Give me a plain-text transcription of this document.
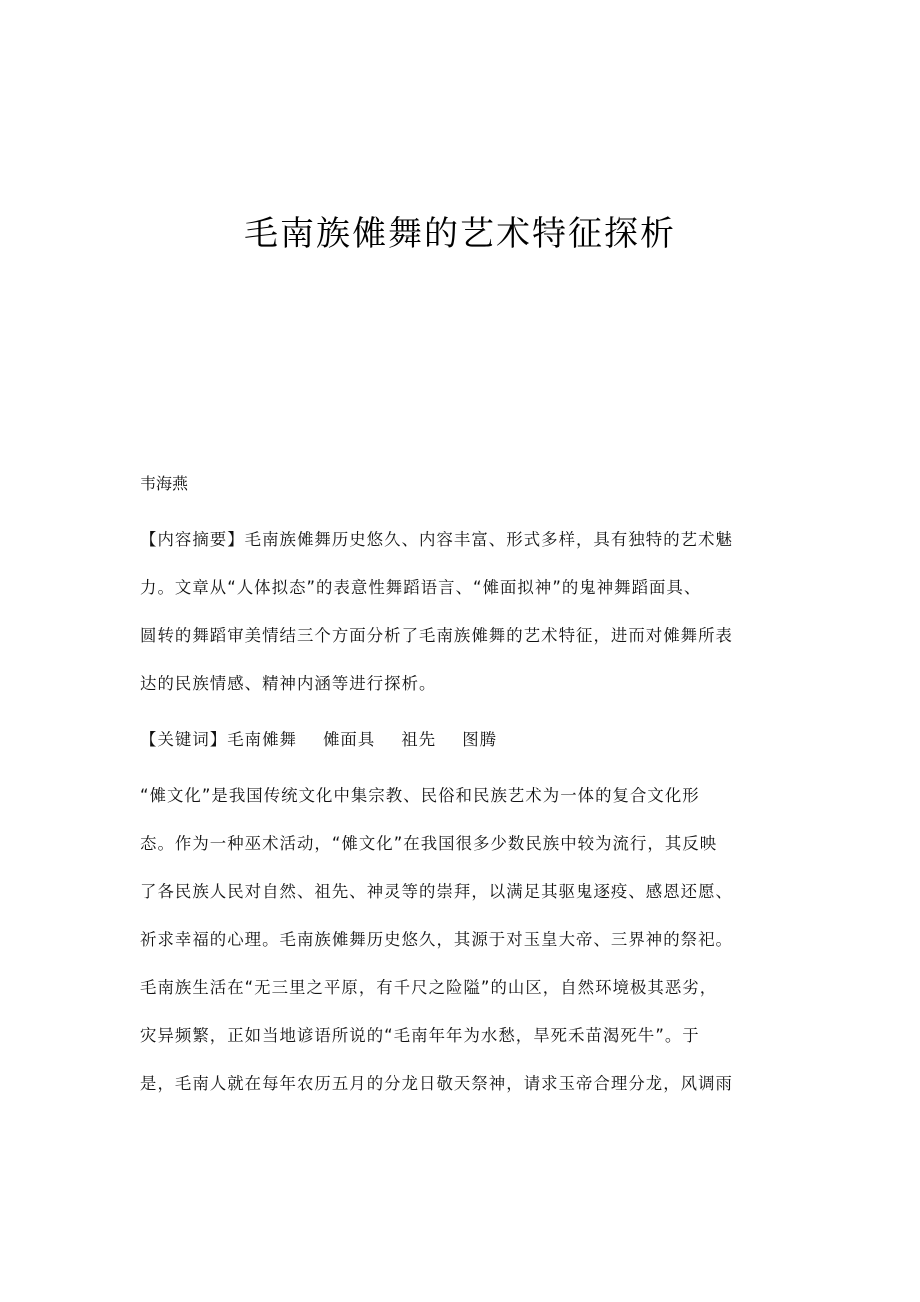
毛南族傩舞的艺术特征探析
韦海燕
【内容摘要】毛南族傩舞历史悠久、内容丰富、形式多样，具有独特的艺术魅
力。文章从“人体拟态”的表意性舞蹈语言、“傩面拟神”的鬼神舞蹈面具、
圆转的舞蹈审美情结三个方面分析了毛南族傩舞的艺术特征，进而对傩舞所表
达的民族情感、精神内涵等进行探析。
【关键词】毛南傩舞 傩面具 祖先 图腾
“傩文化”是我国传统文化中集宗教、民俗和民族艺术为一体的复合文化形
态。作为一种巫术活动，“傩文化”在我国很多少数民族中较为流行，其反映
了各民族人民对自然、祖先、神灵等的崇拜，以满足其驱鬼逐疫、感恩还愿、
祈求幸福的心理。毛南族傩舞历史悠久，其源于对玉皇大帝、三界神的祭祀。
毛南族生活在“无三里之平原，有千尺之险隘”的山区，自然环境极其恶劣，
灾异频繁，正如当地谚语所说的“毛南年年为水愁，旱死禾苗渴死牛”。于
是，毛南人就在每年农历五月的分龙日敬天祭神，请求玉帝合理分龙，风调雨
